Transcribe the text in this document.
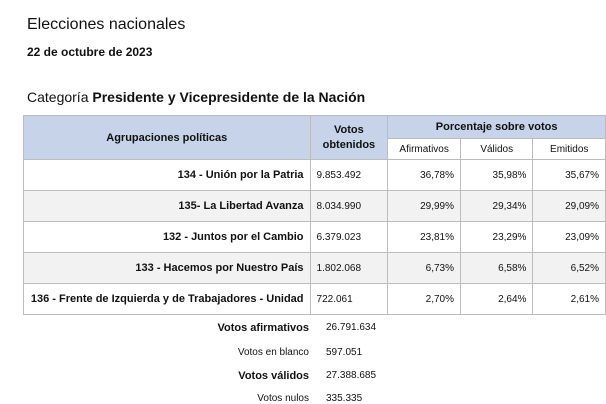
Elecciones nacionales
22 de octubre de 2023
Categoría Presidente y Vicepresidente de la Nación
Agrupaciones políticas	Votos obtenidos	Porcentaje sobre votos		
		Afirmativos	Válidos	Emitidos
134 - Unión por la Patria	9.853.492	36,78%	35,98%	35,67%
135- La Libertad Avanza	8.034.990	29,99%	29,34%	29,09%
132 - Juntos por el Cambio	6.379.023	23,81%	23,29%	23,09%
133 - Hacemos por Nuestro País	1.802.068	6,73%	6,58%	6,52%
136 - Frente de Izquierda y de Trabajadores - Unidad	722.061	2,70%	2,64%	2,61%
Votos afirmativos 26.791.634
Votos en blanco 597.051
Votos válidos 27.388.685
Votos nulos 335.335
